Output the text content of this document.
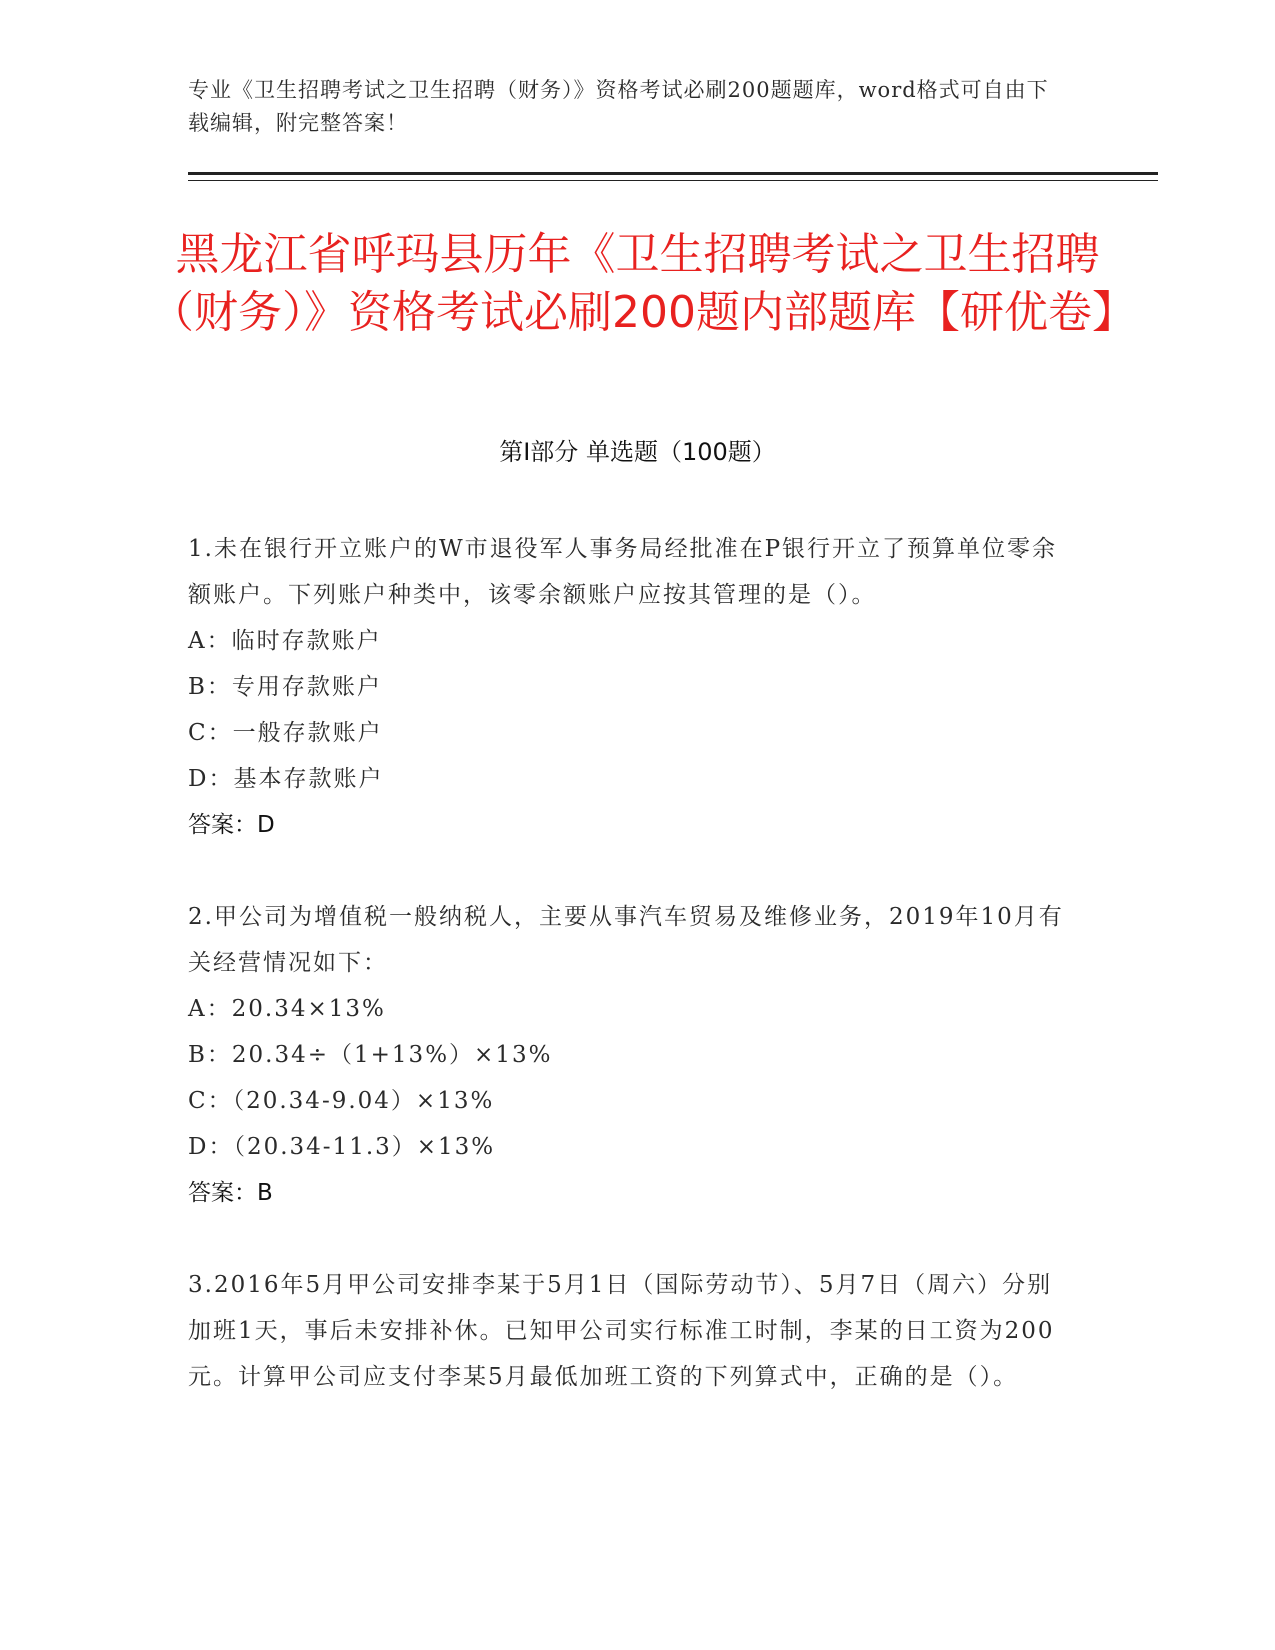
专业《卫生招聘考试之卫生招聘（财务）》资格考试必刷200题题库，word格式可自由下载编辑，附完整答案！
黑龙江省呼玛县历年《卫生招聘考试之卫生招聘（财务）》资格考试必刷200题内部题库【研优卷】
第Ⅰ部分 单选题（100题）
1.未在银行开立账户的W市退役军人事务局经批准在P银行开立了预算单位零余额账户。下列账户种类中，该零余额账户应按其管理的是（）。
A：临时存款账户
B：专用存款账户
C：一般存款账户
D：基本存款账户
答案：D
2.甲公司为增值税一般纳税人，主要从事汽车贸易及维修业务，2019年10月有关经营情况如下：
A：20.34×13%
B：20.34÷（1+13%）×13%
C：（20.34-9.04）×13%
D：（20.34-11.3）×13%
答案：B
3.2016年5月甲公司安排李某于5月1日（国际劳动节）、5月7日（周六）分别加班1天，事后未安排补休。已知甲公司实行标准工时制，李某的日工资为200元。计算甲公司应支付李某5月最低加班工资的下列算式中，正确的是（）。
